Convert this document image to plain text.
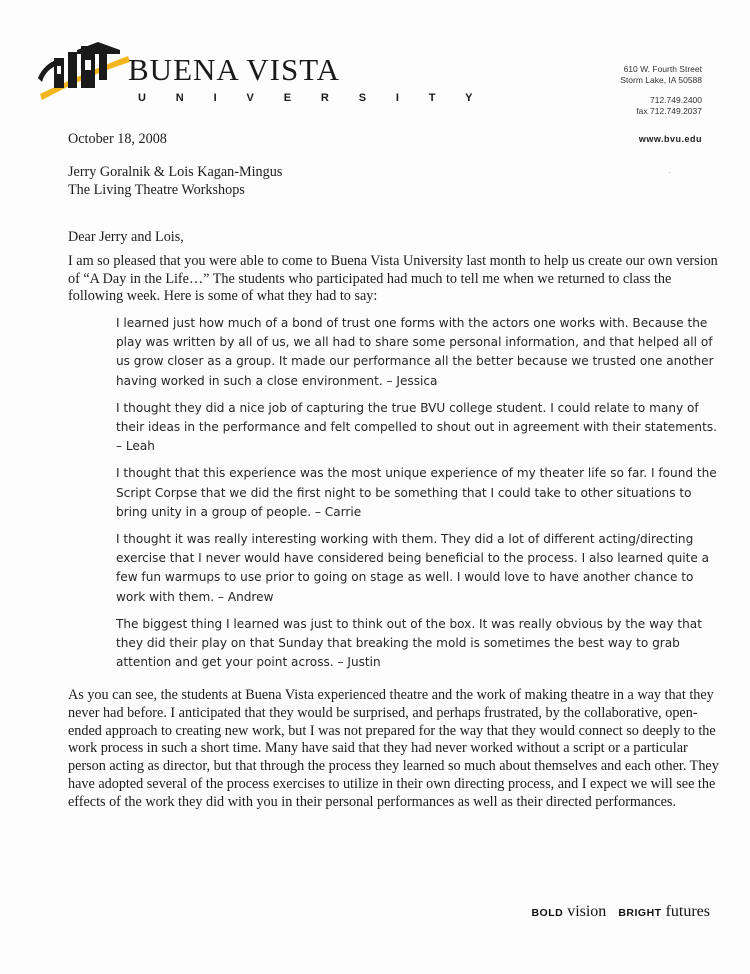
BUENA VISTA
U N I V E R S I T Y
610 W. Fourth Street
Storm Lake, IA 50588
712.749.2400
fax 712.749.2037
www.bvu.edu
·
October 18, 2008
Jerry Goralnik & Lois Kagan-Mingus
The Living Theatre Workshops
Dear Jerry and Lois,

I am so pleased that you were able to come to Buena Vista University last month to help us create our own version of “A Day in the Life…” The students who participated had much to tell me when we returned to class the following week. Here is some of what they had to say:

I learned just how much of a bond of trust one forms with the actors one works with. Because the play was written by all of us, we all had to share some personal information, and that helped all of us grow closer as a group. It made our performance all the better because we trusted one another having worked in such a close environment. – Jessica

I thought they did a nice job of capturing the true BVU college student. I could relate to many of their ideas in the performance and felt compelled to shout out in agreement with their statements. – Leah

I thought that this experience was the most unique experience of my theater life so far. I found the Script Corpse that we did the first night to be something that I could take to other situations to bring unity in a group of people. – Carrie

I thought it was really interesting working with them. They did a lot of different acting/directing exercise that I never would have considered being beneficial to the process. I also learned quite a few fun warmups to use prior to going on stage as well. I would love to have another chance to work with them. – Andrew

The biggest thing I learned was just to think out of the box. It was really obvious by the way that they did their play on that Sunday that breaking the mold is sometimes the best way to grab attention and get your point across. – Justin

As you can see, the students at Buena Vista experienced theatre and the work of making theatre in a way that they never had before. I anticipated that they would be surprised, and perhaps frustrated, by the collaborative, open-ended approach to creating new work, but I was not prepared for the way that they would connect so deeply to the work process in such a short time. Many have said that they had never worked without a script or a particular person acting as director, but that through the process they learned so much about themselves and each other. They have adopted several of the process exercises to utilize in their own directing process, and I expect we will see the effects of the work they did with you in their personal performances as well as their directed performances.

BOLD vision BRIGHT futures
